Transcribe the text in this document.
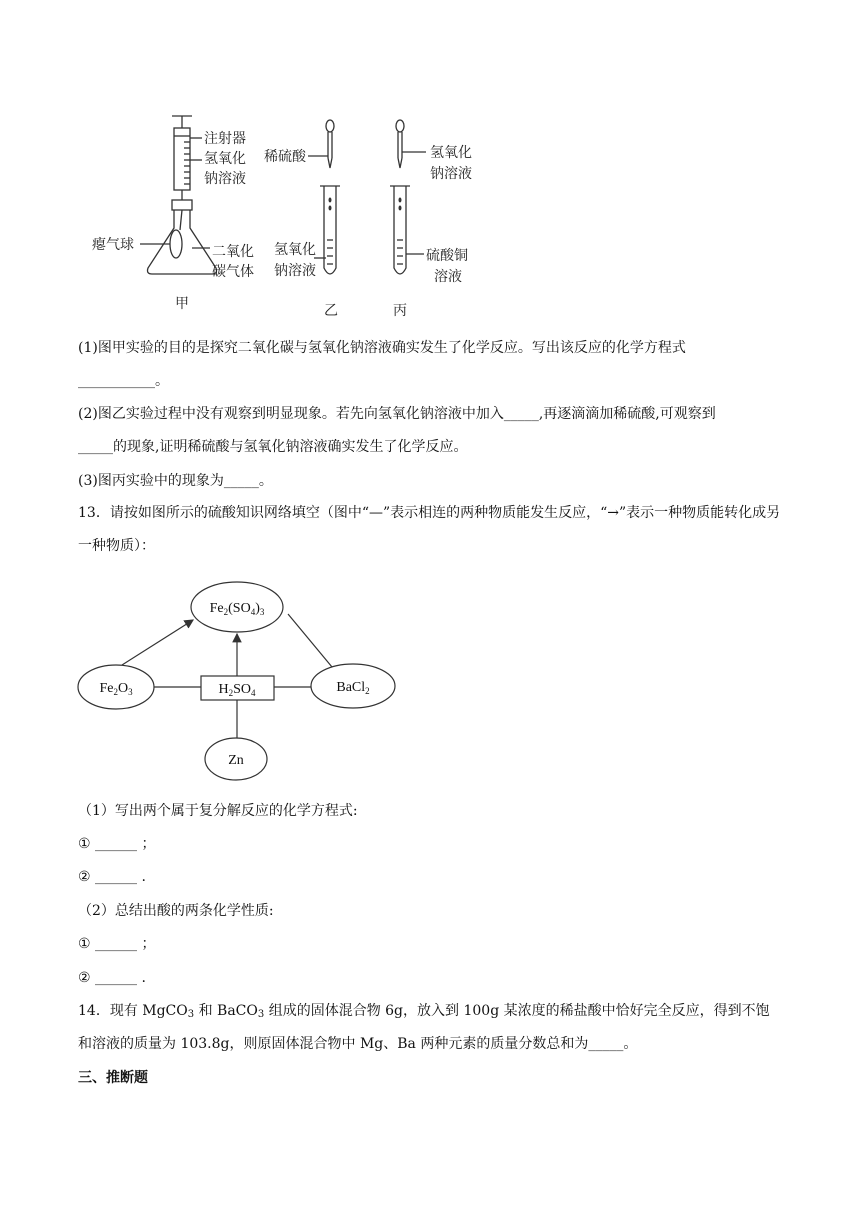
注射器
氢氧化
钠溶液
瘪气球	二氧化
碳气体
稀硫酸
氢氧化
钠溶液
氢氧化
钠溶液
硫酸铜
溶液
甲	乙	丙
(1)图甲实验的目的是探究二氧化碳与氢氧化钠溶液确实发生了化学反应。写出该反应的化学方程式
___________。
(2)图乙实验过程中没有观察到明显现象。若先向氢氧化钠溶液中加入_____,再逐滴滴加稀硫酸,可观察到
_____的现象,证明稀硫酸与氢氧化钠溶液确实发生了化学反应。
(3)图丙实验中的现象为_____。
13．请按如图所示的硫酸知识网络填空（图中“—”表示相连的两种物质能发生反应，“→”表示一种物质能转化成另一种物质）：
$Fe_2(SO_4)_3$
$Fe_2O_3$	$H_2SO_4$	BaCl$_2$
Zn
（1）写出两个属于复分解反应的化学方程式:
① ______ ；
② ______ .
（2）总结出酸的两条化学性质:
① ______ ；
② ______ .
14．现有 MgCO$_3$ 和 BaCO$_3$ 组成的固体混合物 6g，放入到 100g 某浓度的稀盐酸中恰好完全反应，得到不饱和溶液的质量为 103.8g，则原固体混合物中 Mg、Ba 两种元素的质量分数总和为_____。
三、推断题
